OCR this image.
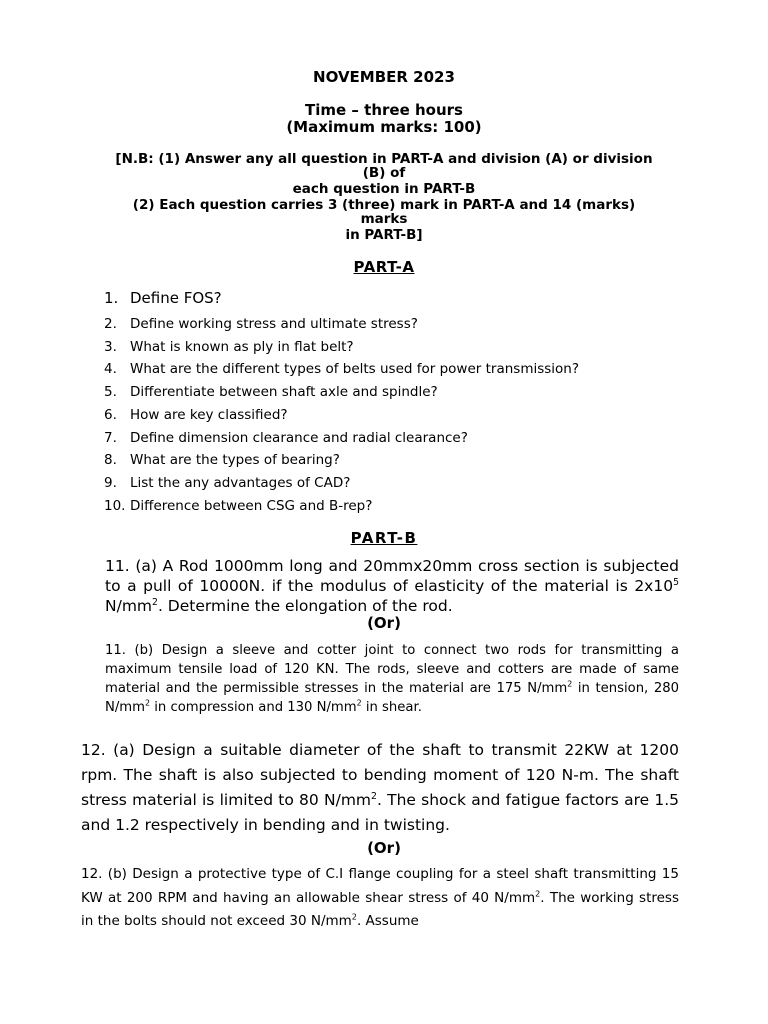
NOVEMBER 2023
Time – three hours
(Maximum marks: 100)
[N.B: (1) Answer any all question in PART-A and division (A) or division
(B) of
each question in PART-B
(2) Each question carries 3 (three) mark in PART-A and 14 (marks)
marks
in PART-B]
PART-A
1. Define FOS?
2. Define working stress and ultimate stress?
3. What is known as ply in flat belt?
4. What are the different types of belts used for power transmission?
5. Differentiate between shaft axle and spindle?
6. How are key classified?
7. Define dimension clearance and radial clearance?
8. What are the types of bearing?
9. List the any advantages of CAD?
10. Difference between CSG and B-rep?
PART-B
11. (a) A Rod 1000mm long and 20mmx20mm cross section is subjected to a pull of 10000N. if the modulus of elasticity of the material is $2x10^5$ $N/mm^2$. Determine the elongation of the rod.
(Or)
11. (b) Design a sleeve and cotter joint to connect two rods for transmitting a maximum tensile load of 120 KN. The rods, sleeve and cotters are made of same material and the permissible stresses in the material are 175 $N/mm^2$ in tension, 280 $N/mm^2$ in compression and 130 $N/mm^2$ in shear.
12. (a) Design a suitable diameter of the shaft to transmit 22KW at 1200 rpm. The shaft is also subjected to bending moment of 120 N-m. The shaft stress material is limited to 80 $N/mm^2$. The shock and fatigue factors are 1.5 and 1.2 respectively in bending and in twisting.
(Or)
12. (b) Design a protective type of C.I flange coupling for a steel shaft transmitting 15 KW at 200 RPM and having an allowable shear stress of 40 $N/mm^2$. The working stress in the bolts should not exceed 30 $N/mm^2$. Assume
